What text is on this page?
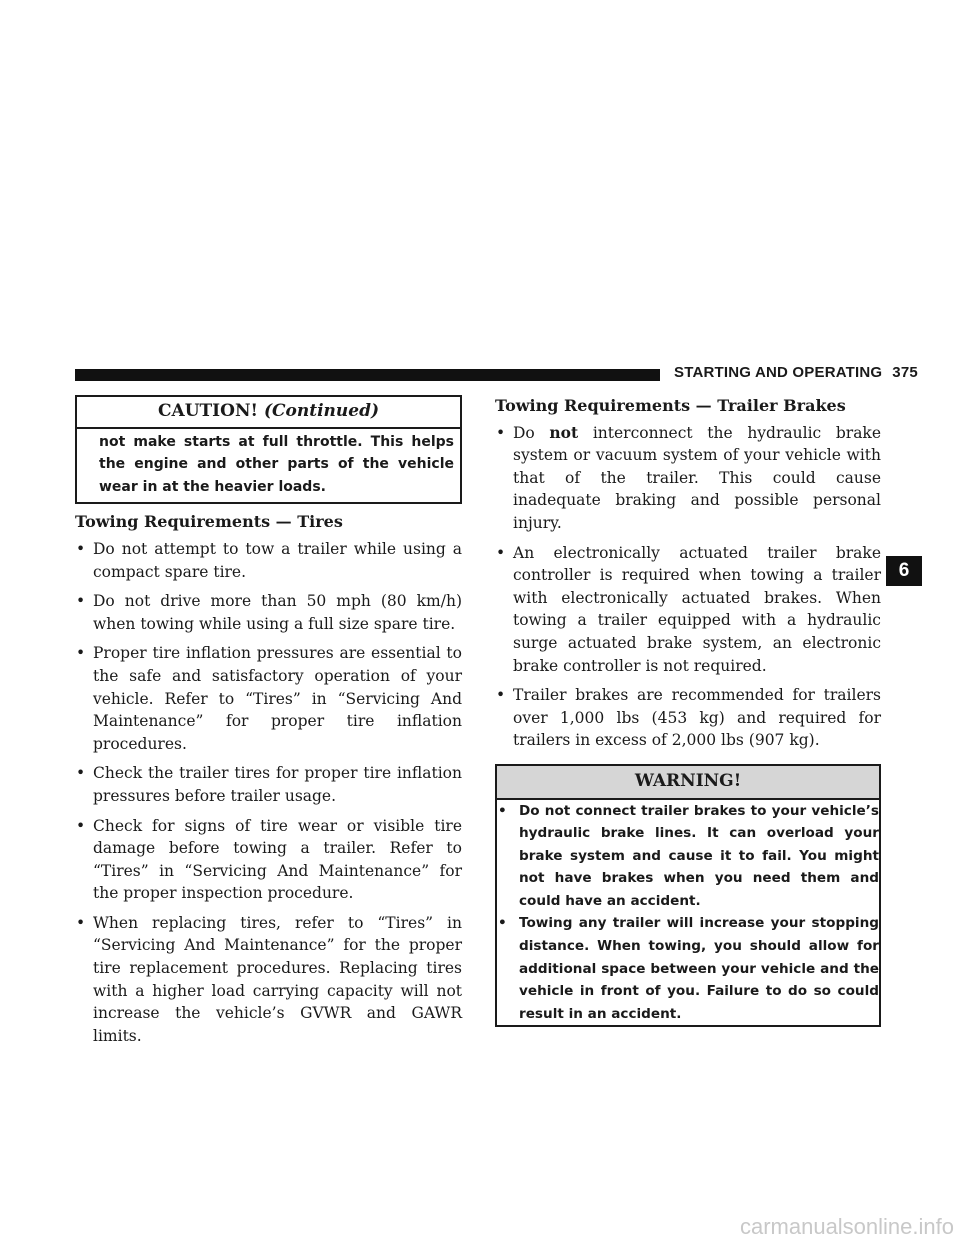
STARTING AND OPERATING 375
CAUTION! (Continued)
not make starts at full throttle. This helps the engine and other parts of the vehicle wear in at the heavier loads.
Towing Requirements — Tires
• Do not attempt to tow a trailer while using a compact spare tire.
• Do not drive more than 50 mph (80 km/h) when towing while using a full size spare tire.
• Proper tire inflation pressures are essential to the safe and satisfactory operation of your vehicle. Refer to “Tires” in “Servicing And Maintenance” for proper tire inflation procedures.
• Check the trailer tires for proper tire inflation pressures before trailer usage.
• Check for signs of tire wear or visible tire damage before towing a trailer. Refer to “Tires” in “Servicing And Maintenance” for the proper inspection procedure.
• When replacing tires, refer to “Tires” in “Servicing And Maintenance” for the proper tire replacement procedures. Replacing tires with a higher load carrying capacity will not increase the vehicle’s GVWR and GAWR limits.
Towing Requirements — Trailer Brakes
• Do not interconnect the hydraulic brake system or vacuum system of your vehicle with that of the trailer. This could cause inadequate braking and possible personal injury.
• An electronically actuated trailer brake controller is required when towing a trailer with electronically actuated brakes. When towing a trailer equipped with a hydraulic surge actuated brake system, an electronic brake controller is not required.
• Trailer brakes are recommended for trailers over 1,000 lbs (453 kg) and required for trailers in excess of 2,000 lbs (907 kg).
WARNING!
• Do not connect trailer brakes to your vehicle’s hydraulic brake lines. It can overload your brake system and cause it to fail. You might not have brakes when you need them and could have an accident.
• Towing any trailer will increase your stopping distance. When towing, you should allow for additional space between your vehicle and the vehicle in front of you. Failure to do so could result in an accident.
6
carmanualsonline.info
